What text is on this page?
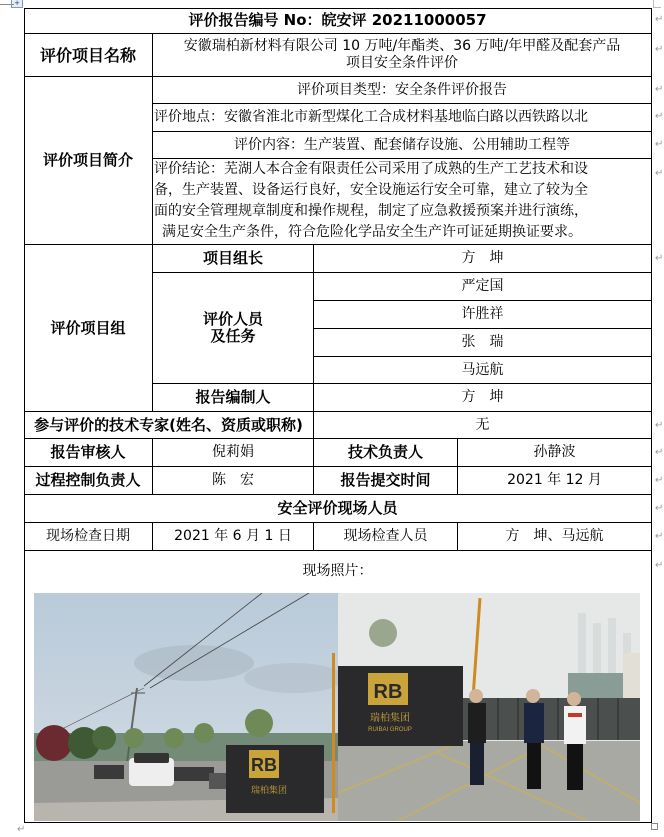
+
评价报告编号 No：皖安评 20211000057
评价项目名称	安徽瑞柏新材料有限公司 10 万吨/年酯类、36 万吨/年甲醛及配套产品
项目安全条件评价
评价项目简介
评价项目类型：安全条件评价报告
评价地点：安徽省淮北市新型煤化工合成材料基地临白路以西铁路以北
评价内容：生产装置、配套储存设施、公用辅助工程等
评价结论：芜湖人本合金有限责任公司采用了成熟的生产工艺技术和设
备，生产装置、设备运行良好，安全设施运行安全可靠，建立了较为全
面的安全管理规章制度和操作规程，制定了应急救援预案并进行演练，
满足安全生产条件，符合危险化学品安全生产许可证延期换证要求。
评价项目组
项目组长	方　坤
评价人员
及任务
严定国
许胜祥
张　瑞
马远航
报告编制人	方　坤
参与评价的技术专家(姓名、资质或职称)	无
报告审核人	倪莉娟	技术负责人	孙静波
过程控制负责人	陈　宏	报告提交时间	2021 年 12 月
安全评价现场人员
现场检查日期	2021 年 6 月 1 日	现场检查人员	方　坤、马远航
现场照片：
RB
瑞柏集团
RB
瑞柏集团
RUIBAI GROUP
↵
↵
↵
↵
↵
↵
↵
↵
↵
↵
↵
↵
↵
↵
